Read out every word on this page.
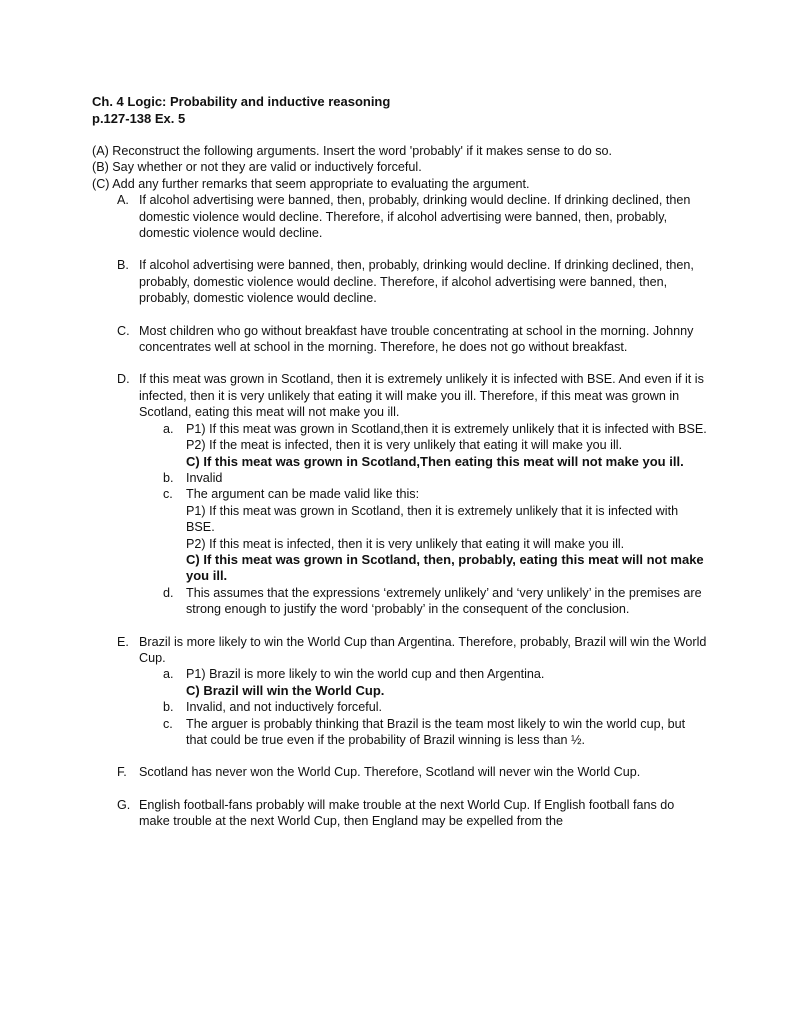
Ch. 4 Logic: Probability and inductive reasoning
p.127-138 Ex. 5
(A) Reconstruct the following arguments. Insert the word 'probably' if it makes sense to do so.
(B) Say whether or not they are valid or inductively forceful.
(C) Add any further remarks that seem appropriate to evaluating the argument.
A. If alcohol advertising were banned, then, probably, drinking would decline. If drinking declined, then domestic violence would decline. Therefore, if alcohol advertising were banned, then, probably, domestic violence would decline.
B. If alcohol advertising were banned, then, probably, drinking would decline. If drinking declined, then, probably, domestic violence would decline. Therefore, if alcohol advertising were banned, then, probably, domestic violence would decline.
C. Most children who go without breakfast have trouble concentrating at school in the morning. Johnny concentrates well at school in the morning. Therefore, he does not go without breakfast.
D. If this meat was grown in Scotland, then it is extremely unlikely it is infected with BSE. And even if it is infected, then it is very unlikely that eating it will make you ill. Therefore, if this meat was grown in Scotland, eating this meat will not make you ill.
a. P1) If this meat was grown in Scotland,then it is extremely unlikely that it is infected with BSE.
P2) If the meat is infected, then it is very unlikely that eating it will make you ill.
C) If this meat was grown in Scotland,Then eating this meat will not make you ill.
b. Invalid
c. The argument can be made valid like this:
P1) If this meat was grown in Scotland, then it is extremely unlikely that it is infected with BSE.
P2) If this meat is infected, then it is very unlikely that eating it will make you ill.
C) If this meat was grown in Scotland, then, probably, eating this meat will not make you ill.
d. This assumes that the expressions ‘extremely unlikely’ and ‘very unlikely’ in the premises are strong enough to justify the word ‘probably’ in the consequent of the conclusion.
E. Brazil is more likely to win the World Cup than Argentina. Therefore, probably, Brazil will win the World Cup.
a. P1) Brazil is more likely to win the world cup and then Argentina.
C) Brazil will win the World Cup.
b. Invalid, and not inductively forceful.
c. The arguer is probably thinking that Brazil is the team most likely to win the world cup, but that could be true even if the probability of Brazil winning is less than ½.
F. Scotland has never won the World Cup. Therefore, Scotland will never win the World Cup.
G. English football-fans probably will make trouble at the next World Cup. If English football fans do make trouble at the next World Cup, then England may be expelled from the
